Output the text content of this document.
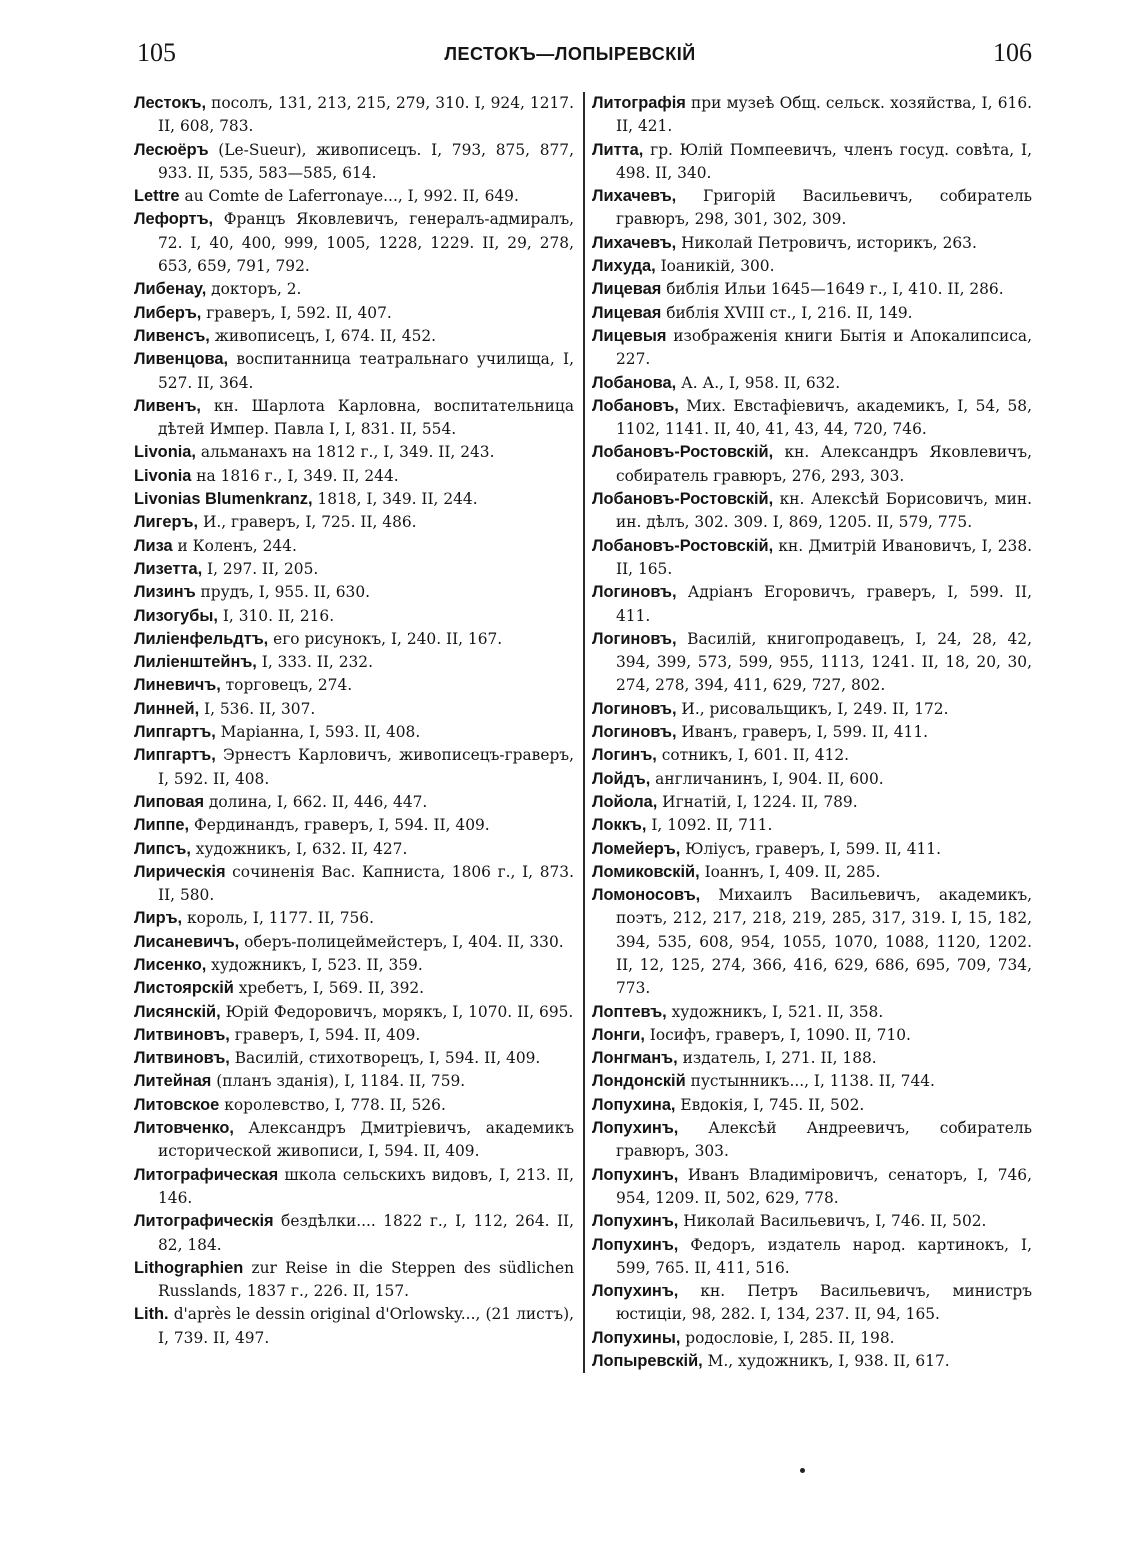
105	ЛЕСТОКЪ—ЛОПЫРЕВСКІЙ	106
Лестокъ, посолъ, 131, 213, 215, 279, 310. I, 924, 1217. II, 608, 783.
Лесюёръ (Le-Sueur), живописецъ. I, 793, 875, 877, 933. II, 535, 583—585, 614.
Lettre au Comte de Laferronaye..., I, 992. II, 649.
Лефортъ, Францъ Яковлевичъ, генералъ-адмиралъ, 72. I, 40, 400, 999, 1005, 1228, 1229. II, 29, 278, 653, 659, 791, 792.
Либенау, докторъ, 2.
Либеръ, граверъ, I, 592. II, 407.
Ливенсъ, живописецъ, I, 674. II, 452.
Ливенцова, воспитанница театральнаго училища, I, 527. II, 364.
Ливенъ, кн. Шарлота Карловна, воспитательница дѣтей Импер. Павла I, I, 831. II, 554.
Livonia, альманахъ на 1812 г., I, 349. II, 243.
Livonia на 1816 г., I, 349. II, 244.
Livonias Blumenkranz, 1818, I, 349. II, 244.
Лигеръ, И., граверъ, I, 725. II, 486.
Лиза и Коленъ, 244.
Лизетта, I, 297. II, 205.
Лизинъ прудъ, I, 955. II, 630.
Лизогубы, I, 310. II, 216.
Лиліенфельдтъ, его рисунокъ, I, 240. II, 167.
Лиліенштейнъ, I, 333. II, 232.
Линевичъ, торговецъ, 274.
Линней, I, 536. II, 307.
Липгартъ, Маріанна, I, 593. II, 408.
Липгартъ, Эрнестъ Карловичъ, живописецъ-граверъ, I, 592. II, 408.
Липовая долина, I, 662. II, 446, 447.
Липпе, Фердинандъ, граверъ, I, 594. II, 409.
Липсъ, художникъ, I, 632. II, 427.
Лирическія сочиненія Вас. Капниста, 1806 г., I, 873. II, 580.
Лиръ, король, I, 1177. II, 756.
Лисаневичъ, оберъ-полицеймейстеръ, I, 404. II, 330.
Лисенко, художникъ, I, 523. II, 359.
Листоярскій хребетъ, I, 569. II, 392.
Лисянскій, Юрій Федоровичъ, морякъ, I, 1070. II, 695.
Литвиновъ, граверъ, I, 594. II, 409.
Литвиновъ, Василій, стихотворецъ, I, 594. II, 409.
Литейная (планъ зданія), I, 1184. II, 759.
Литовское королевство, I, 778. II, 526.
Литовченко, Александръ Дмитріевичъ, академикъ исторической живописи, I, 594. II, 409.
Литографическая школа сельскихъ видовъ, I, 213. II, 146.
Литографическія бездѣлки.... 1822 г., I, 112, 264. II, 82, 184.
Lithographien zur Reise in die Steppen des südlichen Russlands, 1837 г., 226. II, 157.
Lith. d'après le dessin original d'Orlowsky..., (21 листъ), I, 739. II, 497.
Литографія при музеѣ Общ. сельск. хозяйства, I, 616. II, 421.
Литта, гр. Юлій Помпеевичъ, членъ госуд. совѣта, I, 498. II, 340.
Лихачевъ, Григорій Васильевичъ, собиратель гравюръ, 298, 301, 302, 309.
Лихачевъ, Николай Петровичъ, историкъ, 263.
Лихуда, Іоаникій, 300.
Лицевая библія Ильи 1645—1649 г., I, 410. II, 286.
Лицевая библія XVIII ст., I, 216. II, 149.
Лицевыя изображенія книги Бытія и Апокалипсиса, 227.
Лобанова, А. А., I, 958. II, 632.
Лобановъ, Мих. Евстафіевичъ, академикъ, I, 54, 58, 1102, 1141. II, 40, 41, 43, 44, 720, 746.
Лобановъ-Ростовскій, кн. Александръ Яковлевичъ, собиратель гравюръ, 276, 293, 303.
Лобановъ-Ростовскій, кн. Алексѣй Борисовичъ, мин. ин. дѣлъ, 302. 309. I, 869, 1205. II, 579, 775.
Лобановъ-Ростовскій, кн. Дмитрій Ивановичъ, I, 238. II, 165.
Логиновъ, Адріанъ Егоровичъ, граверъ, I, 599. II, 411.
Логиновъ, Василій, книгопродавецъ, I, 24, 28, 42, 394, 399, 573, 599, 955, 1113, 1241. II, 18, 20, 30, 274, 278, 394, 411, 629, 727, 802.
Логиновъ, И., рисовальщикъ, I, 249. II, 172.
Логиновъ, Иванъ, граверъ, I, 599. II, 411.
Логинъ, сотникъ, I, 601. II, 412.
Лойдъ, англичанинъ, I, 904. II, 600.
Лойола, Игнатій, I, 1224. II, 789.
Локкъ, I, 1092. II, 711.
Ломейеръ, Юліусъ, граверъ, I, 599. II, 411.
Ломиковскій, Іоаннъ, I, 409. II, 285.
Ломоносовъ, Михаилъ Васильевичъ, академикъ, поэтъ, 212, 217, 218, 219, 285, 317, 319. I, 15, 182, 394, 535, 608, 954, 1055, 1070, 1088, 1120, 1202. II, 12, 125, 274, 366, 416, 629, 686, 695, 709, 734, 773.
Лоптевъ, художникъ, I, 521. II, 358.
Лонги, Іосифъ, граверъ, I, 1090. II, 710.
Лонгманъ, издатель, I, 271. II, 188.
Лондонскій пустынникъ..., I, 1138. II, 744.
Лопухина, Евдокія, I, 745. II, 502.
Лопухинъ, Алексѣй Андреевичъ, собиратель гравюръ, 303.
Лопухинъ, Иванъ Владиміровичъ, сенаторъ, I, 746, 954, 1209. II, 502, 629, 778.
Лопухинъ, Николай Васильевичъ, I, 746. II, 502.
Лопухинъ, Федоръ, издатель народ. картинокъ, I, 599, 765. II, 411, 516.
Лопухинъ, кн. Петръ Васильевичъ, министръ юстиціи, 98, 282. I, 134, 237. II, 94, 165.
Лопухины, родословіе, I, 285. II, 198.
Лопыревскій, М., художникъ, I, 938. II, 617.
